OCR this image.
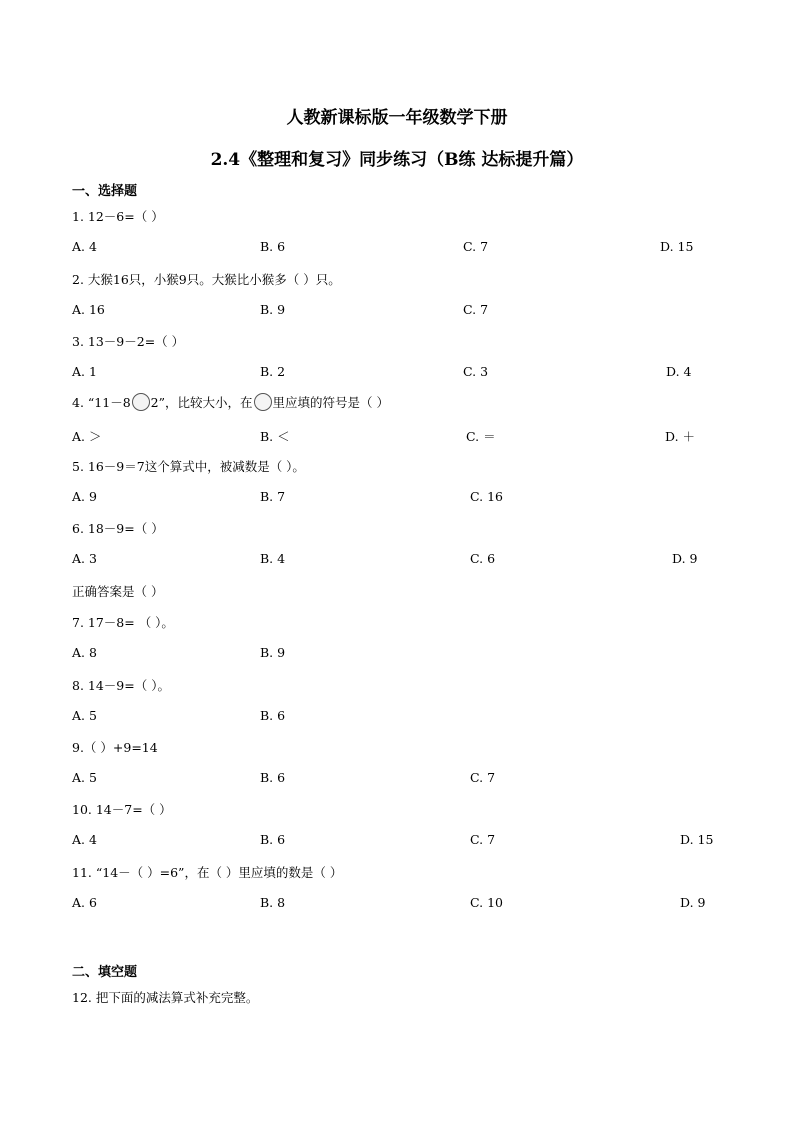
人教新课标版一年级数学下册
2.4《整理和复习》同步练习（B练 达标提升篇）
一、选择题
1. 12－6=（ ）
A. 4	B. 6	C. 7	D. 15
2. 大猴16只，小猴9只。大猴比小猴多（ ）只。
A. 16	B. 9	C. 7
3. 13－9－2=（ ）
A. 1	B. 2	C. 3	D. 4
4. “11－8 2”，比较大小，在 里应填的符号是（ ）
A. ＞	B. ＜	C. ＝	D. ＋
5. 16－9＝7这个算式中，被减数是（ ）。
A. 9	B. 7	C. 16
6. 18－9=（ ）
A. 3	B. 4	C. 6	D. 9
正确答案是（ ）
7. 17－8= （ ）。
A. 8	B. 9
8. 14－9=（ ）。
A. 5	B. 6
9.（ ）+9=14
A. 5	B. 6	C. 7
10. 14－7=（ ）
A. 4	B. 6	C. 7	D. 15
11. “14－（ ）=6”，在（ ）里应填的数是（ ）
A. 6	B. 8	C. 10	D. 9
二、填空题
12. 把下面的减法算式补充完整。
